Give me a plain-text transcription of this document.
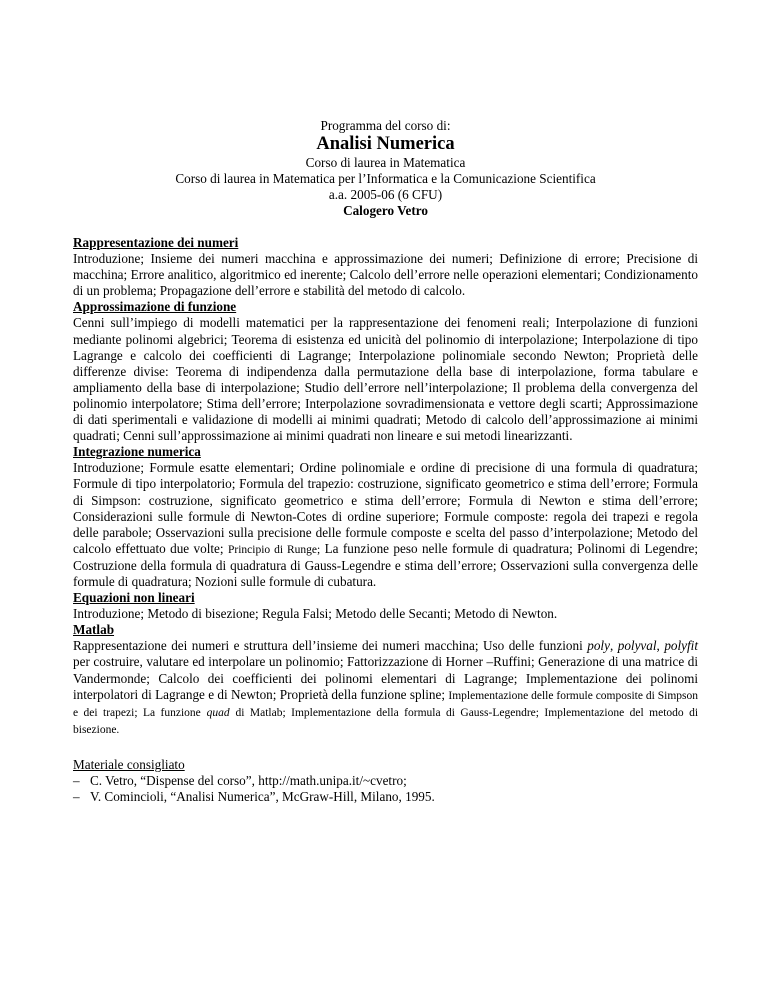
Programma del corso di:
Analisi Numerica
Corso di laurea in Matematica
Corso di laurea in Matematica per l’Informatica e la Comunicazione Scientifica
a.a. 2005-06 (6 CFU)
Calogero Vetro
Rappresentazione dei numeri
Introduzione; Insieme dei numeri macchina e approssimazione dei numeri; Definizione di errore; Precisione di macchina; Errore analitico, algoritmico ed inerente; Calcolo dell’errore nelle operazioni elementari; Condizionamento di un problema; Propagazione dell’errore e stabilità del metodo di calcolo.
Approssimazione di funzione
Cenni sull’impiego di modelli matematici per la rappresentazione dei fenomeni reali; Interpolazione di funzioni mediante polinomi algebrici; Teorema di esistenza ed unicità del polinomio di interpolazione; Interpolazione di tipo Lagrange e calcolo dei coefficienti di Lagrange; Interpolazione polinomiale secondo Newton; Proprietà delle differenze divise: Teorema di indipendenza dalla permutazione della base di interpolazione, forma tabulare e ampliamento della base di interpolazione; Studio dell’errore nell’interpolazione; Il problema della convergenza del polinomio interpolatore; Stima dell’errore; Interpolazione sovradimensionata e vettore degli scarti; Approssimazione di dati sperimentali e validazione di modelli ai minimi quadrati; Metodo di calcolo dell’approssimazione ai minimi quadrati; Cenni sull’approssimazione ai minimi quadrati non lineare e sui metodi linearizzanti.
Integrazione numerica
Introduzione; Formule esatte elementari; Ordine polinomiale e ordine di precisione di una formula di quadratura; Formule di tipo interpolatorio; Formula del trapezio: costruzione, significato geometrico e stima dell’errore; Formula di Simpson: costruzione, significato geometrico e stima dell’errore; Formula di Newton e stima dell’errore; Considerazioni sulle formule di Newton-Cotes di ordine superiore; Formule composte: regola dei trapezi e regola delle parabole; Osservazioni sulla precisione delle formule composte e scelta del passo d’interpolazione; Metodo del calcolo effettuato due volte; Principio di Runge; La funzione peso nelle formule di quadratura; Polinomi di Legendre; Costruzione della formula di quadratura di Gauss-Legendre e stima dell’errore; Osservazioni sulla convergenza delle formule di quadratura; Nozioni sulle formule di cubatura.
Equazioni non lineari
Introduzione; Metodo di bisezione; Regula Falsi; Metodo delle Secanti; Metodo di Newton.
Matlab
Rappresentazione dei numeri e struttura dell’insieme dei numeri macchina; Uso delle funzioni poly, polyval, polyfit per costruire, valutare ed interpolare un polinomio; Fattorizzazione di Horner –Ruffini; Generazione di una matrice di Vandermonde; Calcolo dei coefficienti dei polinomi elementari di Lagrange; Implementazione dei polinomi interpolatori di Lagrange e di Newton; Proprietà della funzione spline; Implementazione delle formule composite di Simpson e dei trapezi; La funzione quad di Matlab; Implementazione della formula di Gauss-Legendre; Implementazione del metodo di bisezione.
Materiale consigliato
– C. Vetro, “Dispense del corso”, http://math.unipa.it/~cvetro;
– V. Comincioli, “Analisi Numerica”, McGraw-Hill, Milano, 1995.
